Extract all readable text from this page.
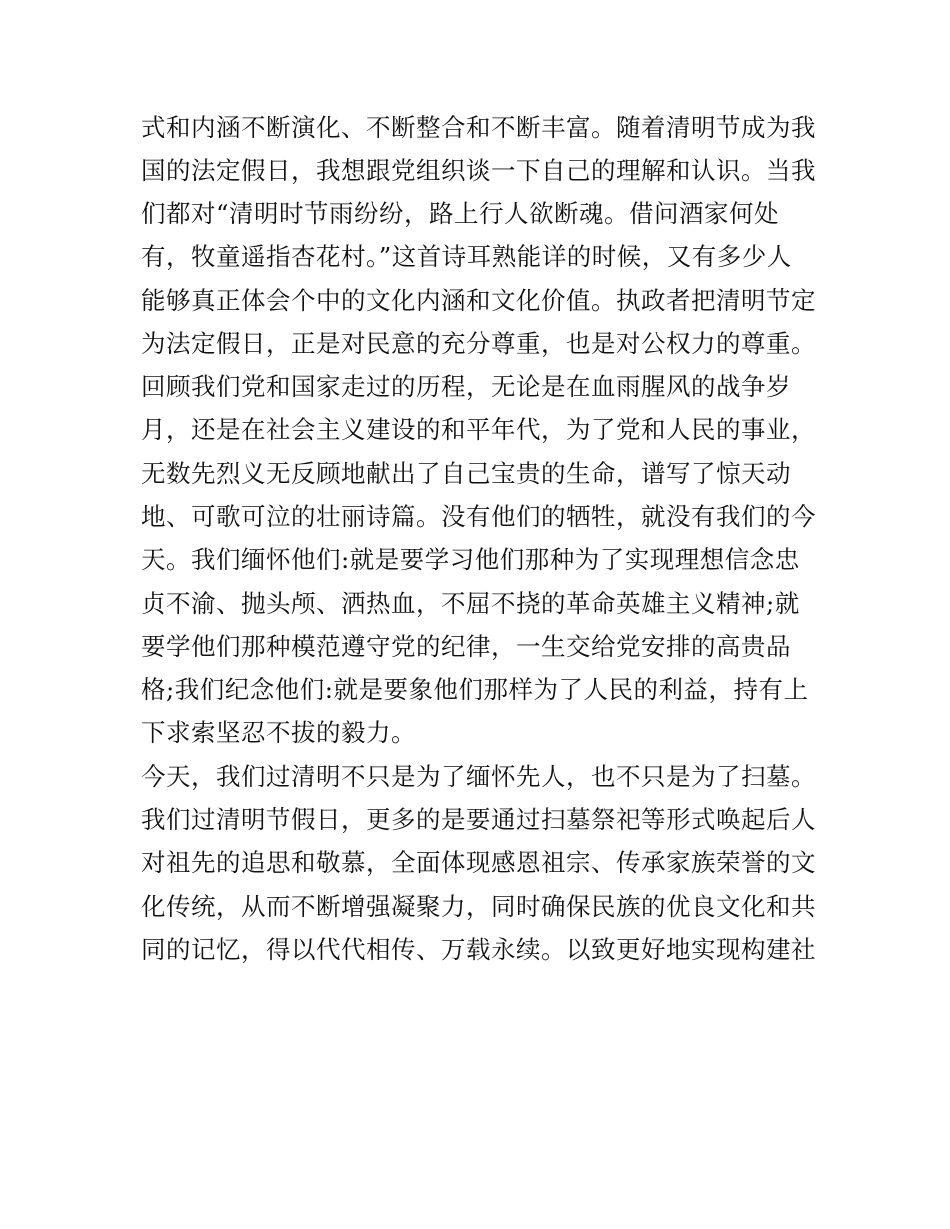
式和内涵不断演化、不断整合和不断丰富。随着清明节成为我
国的法定假日，我想跟党组织谈一下自己的理解和认识。当我
们都对“清明时节雨纷纷，路上行人欲断魂。借问酒家何处
有，牧童遥指杏花村。”这首诗耳熟能详的时候，又有多少人
能够真正体会个中的文化内涵和文化价值。执政者把清明节定
为法定假日，正是对民意的充分尊重，也是对公权力的尊重。
回顾我们党和国家走过的历程，无论是在血雨腥风的战争岁
月，还是在社会主义建设的和平年代，为了党和人民的事业，
无数先烈义无反顾地献出了自己宝贵的生命，谱写了惊天动
地、可歌可泣的壮丽诗篇。没有他们的牺牲，就没有我们的今
天。我们缅怀他们:就是要学习他们那种为了实现理想信念忠
贞不渝、抛头颅、洒热血，不屈不挠的革命英雄主义精神;就
要学他们那种模范遵守党的纪律，一生交给党安排的高贵品
格;我们纪念他们:就是要象他们那样为了人民的利益，持有上
下求索坚忍不拔的毅力。
今天，我们过清明不只是为了缅怀先人，也不只是为了扫墓。
我们过清明节假日，更多的是要通过扫墓祭祀等形式唤起后人
对祖先的追思和敬慕，全面体现感恩祖宗、传承家族荣誉的文
化传统，从而不断增强凝聚力，同时确保民族的优良文化和共
同的记忆，得以代代相传、万载永续。以致更好地实现构建社
